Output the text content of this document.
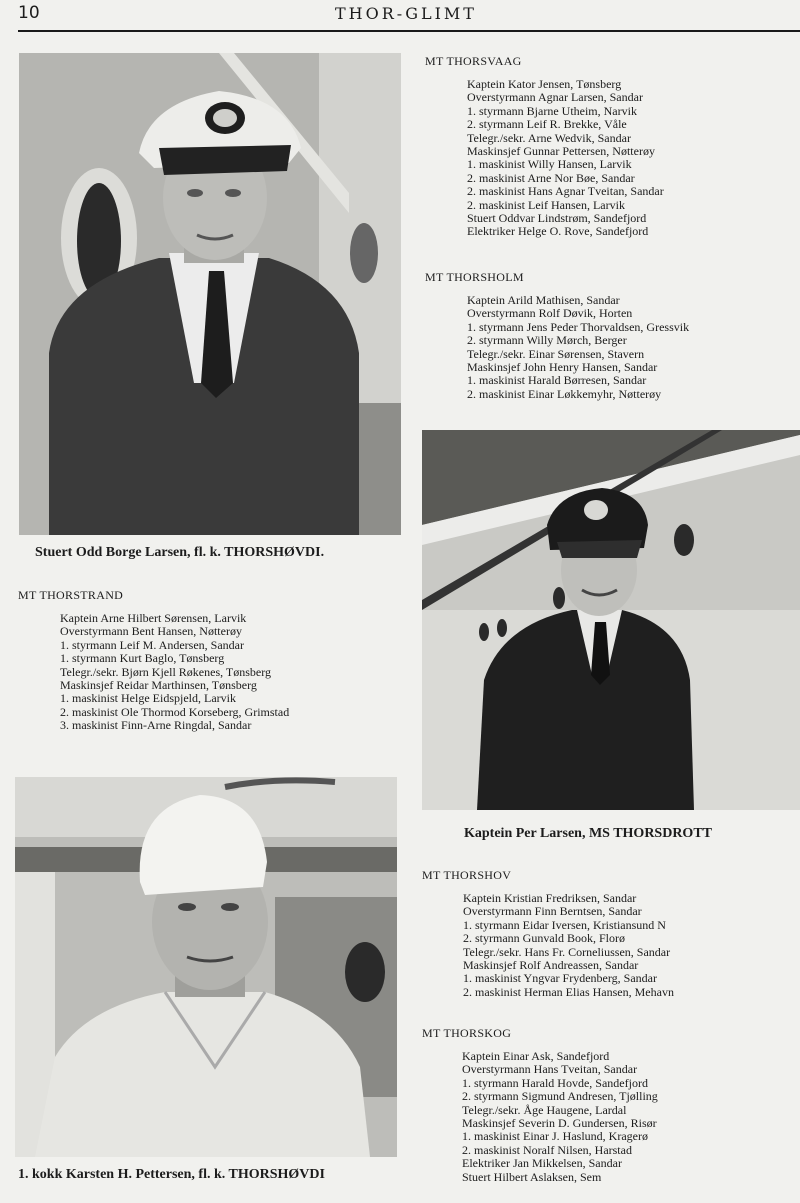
10	THOR-GLIMT
Stuert Odd Borge Larsen, fl. k. THORSHØVDI.
MT THORSVAAG
Kaptein Kator Jensen, Tønsberg
Overstyrmann Agnar Larsen, Sandar
1. styrmann Bjarne Utheim, Narvik
2. styrmann Leif R. Brekke, Våle
Telegr./sekr. Arne Wedvik, Sandar
Maskinsjef Gunnar Pettersen, Nøtterøy
1. maskinist Willy Hansen, Larvik
2. maskinist Arne Nor Bøe, Sandar
2. maskinist Hans Agnar Tveitan, Sandar
2. maskinist Leif Hansen, Larvik
Stuert Oddvar Lindstrøm, Sandefjord
Elektriker Helge O. Rove, Sandefjord
MT THORSHOLM
Kaptein Arild Mathisen, Sandar
Overstyrmann Rolf Døvik, Horten
1. styrmann Jens Peder Thorvaldsen, Gressvik
2. styrmann Willy Mørch, Berger
Telegr./sekr. Einar Sørensen, Stavern
Maskinsjef John Henry Hansen, Sandar
1. maskinist Harald Børresen, Sandar
2. maskinist Einar Løkkemyhr, Nøtterøy
Kaptein Per Larsen, MS THORSDROTT
MT THORSTRAND
Kaptein Arne Hilbert Sørensen, Larvik
Overstyrmann Bent Hansen, Nøtterøy
1. styrmann Leif M. Andersen, Sandar
1. styrmann Kurt Baglo, Tønsberg
Telegr./sekr. Bjørn Kjell Røkenes, Tønsberg
Maskinsjef Reidar Marthinsen, Tønsberg
1. maskinist Helge Eidspjeld, Larvik
2. maskinist Ole Thormod Korseberg, Grimstad
3. maskinist Finn-Arne Ringdal, Sandar
1. kokk Karsten H. Pettersen, fl. k. THORSHØVDI
MT THORSHOV
Kaptein Kristian Fredriksen, Sandar
Overstyrmann Finn Berntsen, Sandar
1. styrmann Eidar Iversen, Kristiansund N
2. styrmann Gunvald Book, Florø
Telegr./sekr. Hans Fr. Corneliussen, Sandar
Maskinsjef Rolf Andreassen, Sandar
1. maskinist Yngvar Frydenberg, Sandar
2. maskinist Herman Elias Hansen, Mehavn
MT THORSKOG
Kaptein Einar Ask, Sandefjord
Overstyrmann Hans Tveitan, Sandar
1. styrmann Harald Hovde, Sandefjord
2. styrmann Sigmund Andresen, Tjølling
Telegr./sekr. Åge Haugene, Lardal
Maskinsjef Severin D. Gundersen, Risør
1. maskinist Einar J. Haslund, Kragerø
2. maskinist Noralf Nilsen, Harstad
Elektriker Jan Mikkelsen, Sandar
Stuert Hilbert Aslaksen, Sem
